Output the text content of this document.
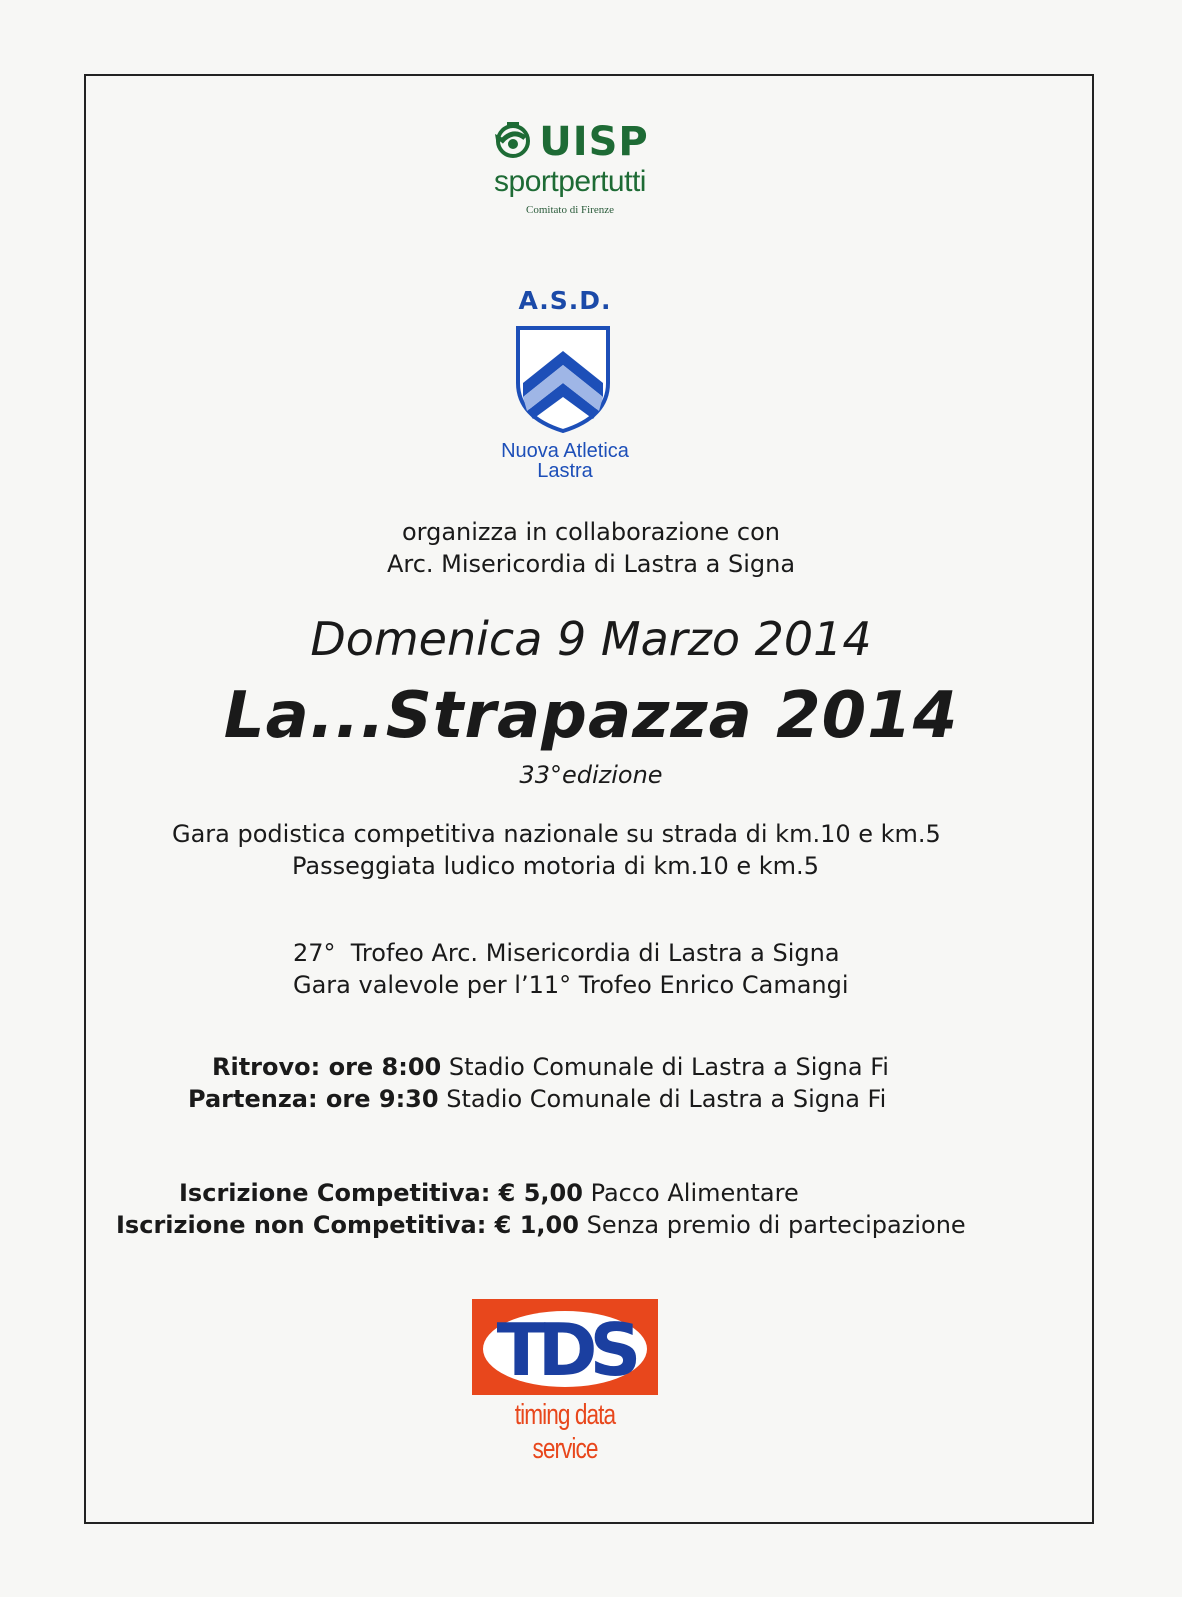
UISP
sportpertutti
Comitato di Firenze
A.S.D.
Nuova Atletica
Lastra
organizza in collaborazione con
Arc. Misericordia di Lastra a Signa
Domenica 9 Marzo 2014
La...Strapazza 2014
33°edizione
Gara podistica competitiva nazionale su strada di km.10 e km.5
Passeggiata ludico motoria di km.10 e km.5
27°  Trofeo Arc. Misericordia di Lastra a Signa
Gara valevole per l’11° Trofeo Enrico Camangi
Ritrovo: ore 8:00 Stadio Comunale di Lastra a Signa Fi
Partenza: ore 9:30 Stadio Comunale di Lastra a Signa Fi
Iscrizione Competitiva: € 5,00 Pacco Alimentare
Iscrizione non Competitiva: € 1,00 Senza premio di partecipazione
TDS
timing data service
